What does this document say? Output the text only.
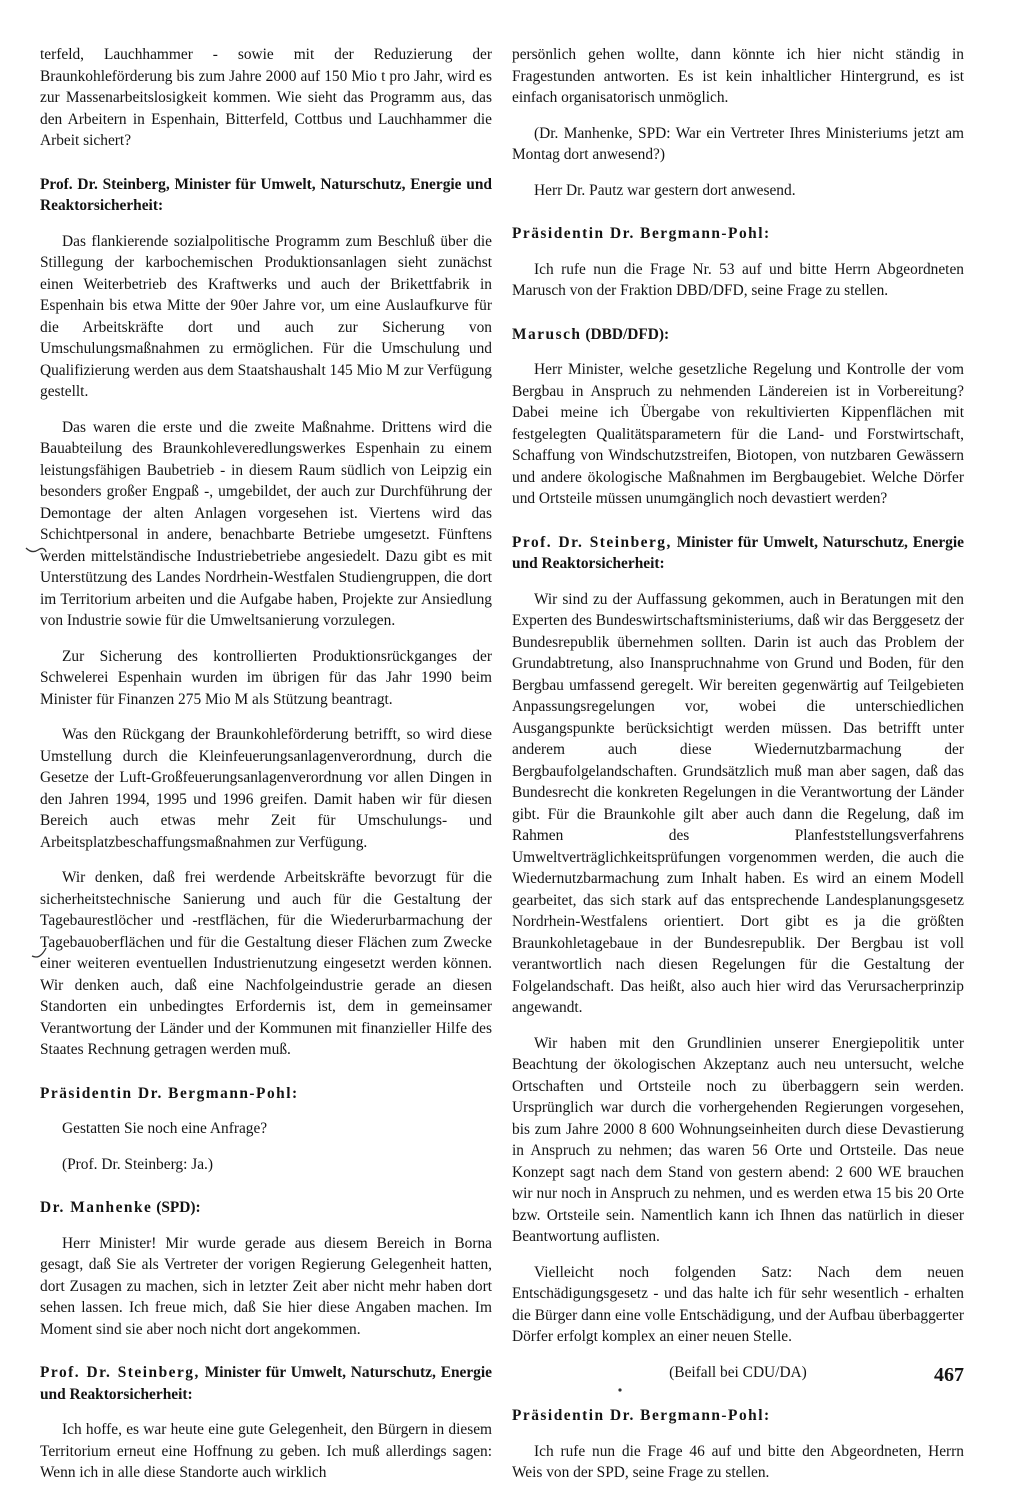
terfeld, Lauchhammer - sowie mit der Reduzierung der Braunkohleförderung bis zum Jahre 2000 auf 150 Mio t pro Jahr, wird es zur Massenarbeitslosigkeit kommen. Wie sieht das Programm aus, das den Arbeitern in Espenhain, Bitterfeld, Cottbus und Lauchhammer die Arbeit sichert?

Prof. Dr. Steinberg, Minister für Umwelt, Naturschutz, Energie und Reaktorsicherheit:

Das flankierende sozialpolitische Programm zum Beschluß über die Stillegung der karbochemischen Produktionsanlagen sieht zunächst einen Weiterbetrieb des Kraftwerks und auch der Brikettfabrik in Espenhain bis etwa Mitte der 90er Jahre vor, um eine Auslaufkurve für die Arbeitskräfte dort und auch zur Sicherung von Umschulungsmaßnahmen zu ermöglichen. Für die Umschulung und Qualifizierung werden aus dem Staatshaushalt 145 Mio M zur Verfügung gestellt.

Das waren die erste und die zweite Maßnahme. Drittens wird die Bauabteilung des Braunkohleveredlungswerkes Espenhain zu einem leistungsfähigen Baubetrieb - in diesem Raum südlich von Leipzig ein besonders großer Engpaß -, umgebildet, der auch zur Durchführung der Demontage der alten Anlagen vorgesehen ist. Viertens wird das Schichtpersonal in andere, benachbarte Betriebe umgesetzt. Fünftens werden mittelständische Industriebetriebe angesiedelt. Dazu gibt es mit Unterstützung des Landes Nordrhein-Westfalen Studiengruppen, die dort im Territorium arbeiten und die Aufgabe haben, Projekte zur Ansiedlung von Industrie sowie für die Umweltsanierung vorzulegen.

Zur Sicherung des kontrollierten Produktionsrückganges der Schwelerei Espenhain wurden im übrigen für das Jahr 1990 beim Minister für Finanzen 275 Mio M als Stützung beantragt.

Was den Rückgang der Braunkohleförderung betrifft, so wird diese Umstellung durch die Kleinfeuerungsanlagenverordnung, durch die Gesetze der Luft-Großfeuerungsanlagenverordnung vor allen Dingen in den Jahren 1994, 1995 und 1996 greifen. Damit haben wir für diesen Bereich auch etwas mehr Zeit für Umschulungs- und Arbeitsplatzbeschaffungsmaßnahmen zur Verfügung.

Wir denken, daß frei werdende Arbeitskräfte bevorzugt für die sicherheitstechnische Sanierung und auch für die Gestaltung der Tagebaurestlöcher und -restflächen, für die Wiederurbarmachung der Tagebauoberflächen und für die Gestaltung dieser Flächen zum Zwecke einer weiteren eventuellen Industrienutzung eingesetzt werden können. Wir denken auch, daß eine Nachfolgeindustrie gerade an diesen Standorten ein unbedingtes Erfordernis ist, dem in gemeinsamer Verantwortung der Länder und der Kommunen mit finanzieller Hilfe des Staates Rechnung getragen werden muß.

Präsidentin Dr. Bergmann-Pohl:

Gestatten Sie noch eine Anfrage?

(Prof. Dr. Steinberg: Ja.)

Dr. Manhenke (SPD):

Herr Minister! Mir wurde gerade aus diesem Bereich in Borna gesagt, daß Sie als Vertreter der vorigen Regierung Gelegenheit hatten, dort Zusagen zu machen, sich in letzter Zeit aber nicht mehr haben dort sehen lassen. Ich freue mich, daß Sie hier diese Angaben machen. Im Moment sind sie aber noch nicht dort angekommen.

Prof. Dr. Steinberg, Minister für Umwelt, Naturschutz, Energie und Reaktorsicherheit:

Ich hoffe, es war heute eine gute Gelegenheit, den Bürgern in diesem Territorium erneut eine Hoffnung zu geben. Ich muß allerdings sagen: Wenn ich in alle diese Standorte auch wirklich

persönlich gehen wollte, dann könnte ich hier nicht ständig in Fragestunden antworten. Es ist kein inhaltlicher Hintergrund, es ist einfach organisatorisch unmöglich.

(Dr. Manhenke, SPD: War ein Vertreter Ihres Ministeriums jetzt am Montag dort anwesend?)

Herr Dr. Pautz war gestern dort anwesend.

Präsidentin Dr. Bergmann-Pohl:

Ich rufe nun die Frage Nr. 53 auf und bitte Herrn Abgeordneten Marusch von der Fraktion DBD/DFD, seine Frage zu stellen.

Marusch (DBD/DFD):

Herr Minister, welche gesetzliche Regelung und Kontrolle der vom Bergbau in Anspruch zu nehmenden Ländereien ist in Vorbereitung? Dabei meine ich Übergabe von rekultivierten Kippenflächen mit festgelegten Qualitätsparametern für die Land- und Forstwirtschaft, Schaffung von Windschutzstreifen, Biotopen, von nutzbaren Gewässern und andere ökologische Maßnahmen im Bergbaugebiet. Welche Dörfer und Ortsteile müssen unumgänglich noch devastiert werden?

Prof. Dr. Steinberg, Minister für Umwelt, Naturschutz, Energie und Reaktorsicherheit:

Wir sind zu der Auffassung gekommen, auch in Beratungen mit den Experten des Bundeswirtschaftsministeriums, daß wir das Berggesetz der Bundesrepublik übernehmen sollten. Darin ist auch das Problem der Grundabtretung, also Inanspruchnahme von Grund und Boden, für den Bergbau umfassend geregelt. Wir bereiten gegenwärtig auf Teilgebieten Anpassungsregelungen vor, wobei die unterschiedlichen Ausgangspunkte berücksichtigt werden müssen. Das betrifft unter anderem auch diese Wiedernutzbarmachung der Bergbaufolgelandschaften. Grundsätzlich muß man aber sagen, daß das Bundesrecht die konkreten Regelungen in die Verantwortung der Länder gibt. Für die Braunkohle gilt aber auch dann die Regelung, daß im Rahmen des Planfeststellungsverfahrens Umweltverträglichkeitsprüfungen vorgenommen werden, die auch die Wiedernutzbarmachung zum Inhalt haben. Es wird an einem Modell gearbeitet, das sich stark auf das entsprechende Landesplanungsgesetz Nordrhein-Westfalens orientiert. Dort gibt es ja die größten Braunkohletagebaue in der Bundesrepublik. Der Bergbau ist voll verantwortlich nach diesen Regelungen für die Gestaltung der Folgelandschaft. Das heißt, also auch hier wird das Verursacherprinzip angewandt.

Wir haben mit den Grundlinien unserer Energiepolitik unter Beachtung der ökologischen Akzeptanz auch neu untersucht, welche Ortschaften und Ortsteile noch zu überbaggern sein werden. Ursprünglich war durch die vorhergehenden Regierungen vorgesehen, bis zum Jahre 2000 8 600 Wohnungseinheiten durch diese Devastierung in Anspruch zu nehmen; das waren 56 Orte und Ortsteile. Das neue Konzept sagt nach dem Stand von gestern abend: 2 600 WE brauchen wir nur noch in Anspruch zu nehmen, und es werden etwa 15 bis 20 Orte bzw. Ortsteile sein. Namentlich kann ich Ihnen das natürlich in dieser Beantwortung auflisten.

Vielleicht noch folgenden Satz: Nach dem neuen Entschädigungsgesetz - und das halte ich für sehr wesentlich - erhalten die Bürger dann eine volle Entschädigung, und der Aufbau überbaggerter Dörfer erfolgt komplex an einer neuen Stelle.

(Beifall bei CDU/DA)

Präsidentin Dr. Bergmann-Pohl:

Ich rufe nun die Frage 46 auf und bitte den Abgeordneten, Herrn Weis von der SPD, seine Frage zu stellen.

467
